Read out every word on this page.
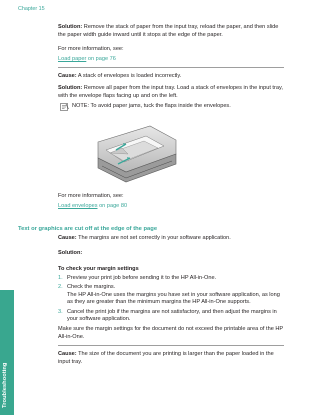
Chapter 15

Solution: Remove the stack of paper from the input tray, reload the paper, and then slide the paper width guide inward until it stops at the edge of the paper.

For more information, see:

Load paper on page 76

Cause: A stack of envelopes is loaded incorrectly.

Solution: Remove all paper from the input tray. Load a stack of envelopes in the input tray, with the envelope flaps facing up and on the left.

NOTE: To avoid paper jams, tuck the flaps inside the envelopes.

For more information, see:

Load envelopes on page 80

Text or graphics are cut off at the edge of the page

Cause: The margins are not set correctly in your software application.

Solution:

To check your margin settings

1. Preview your print job before sending it to the HP All-in-One.
2. Check the margins.
The HP All-in-One uses the margins you have set in your software application, as long as they are greater than the minimum margins the HP All-in-One supports.
3. Cancel the print job if the margins are not satisfactory, and then adjust the margins in your software application.

Make sure the margin settings for the document do not exceed the printable area of the HP All-in-One.

Cause: The size of the document you are printing is larger than the paper loaded in the input tray.

Troubleshooting
